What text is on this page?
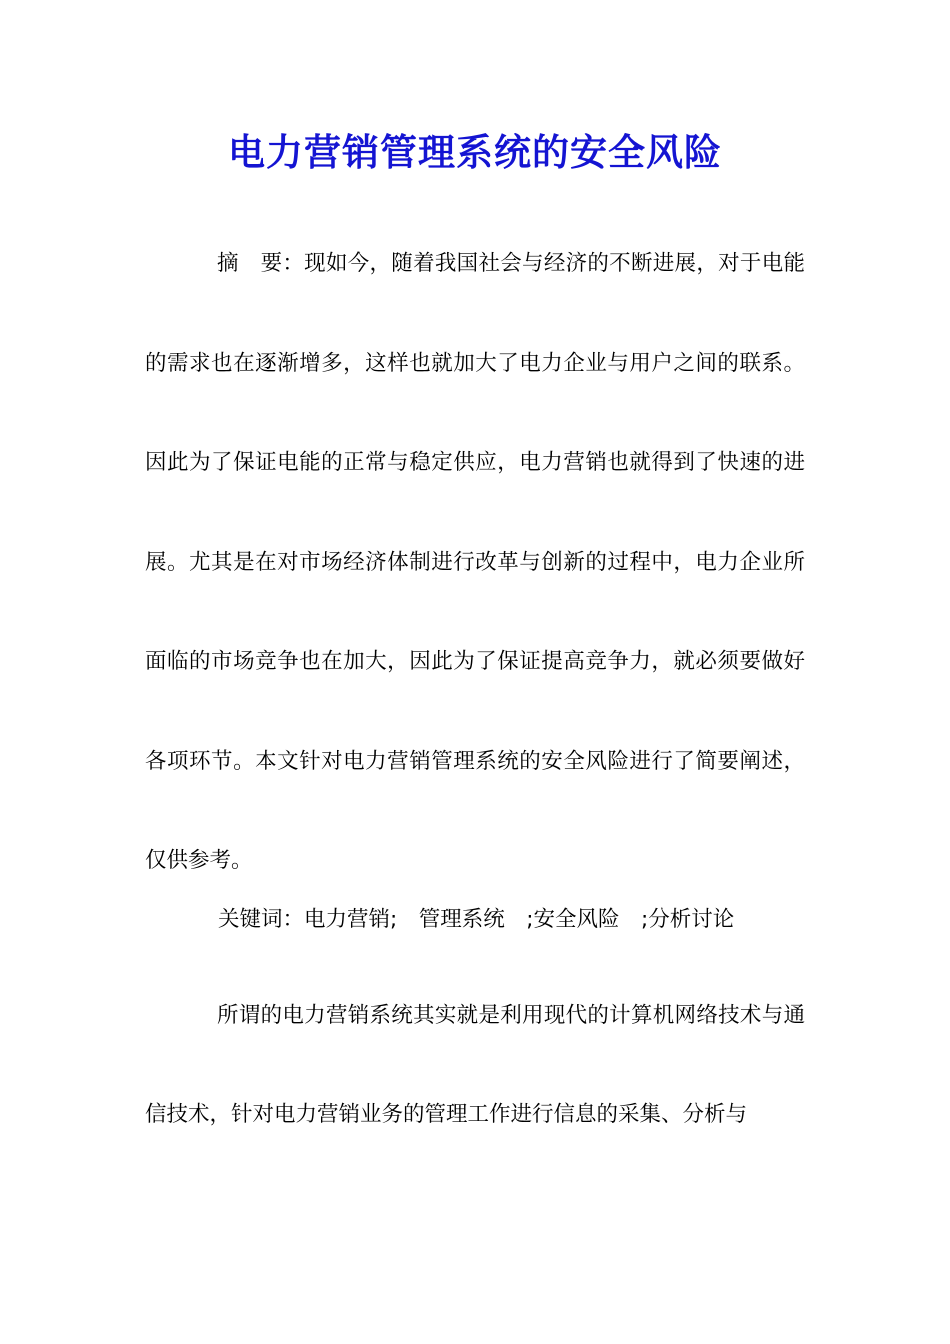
电力营销管理系统的安全风险
摘　要：现如今，随着我国社会与经济的不断进展，对于电能的需求也在逐渐增多，这样也就加大了电力企业与用户之间的联系。因此为了保证电能的正常与稳定供应，电力营销也就得到了快速的进展。尤其是在对市场经济体制进行改革与创新的过程中，电力企业所面临的市场竞争也在加大，因此为了保证提高竞争力，就必须要做好各项环节。本文针对电力营销管理系统的安全风险进行了简要阐述，仅供参考。
关键词：电力营销;　管理系统　;安全风险　;分析讨论
所谓的电力营销系统其实就是利用现代的计算机网络技术与通信技术，针对电力营销业务的管理工作进行信息的采集、分析与
